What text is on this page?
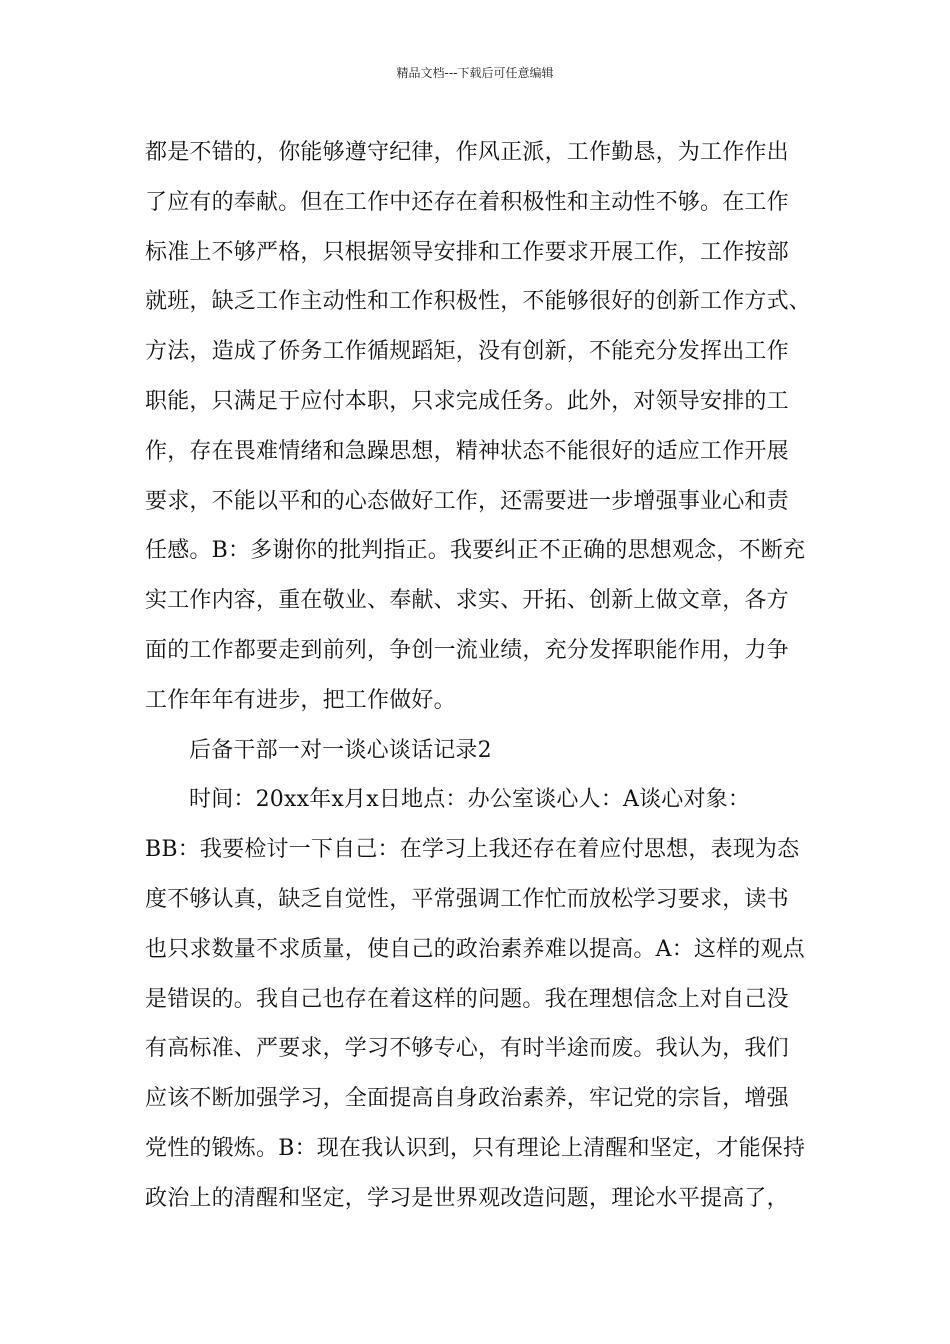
精品文档---下载后可任意编辑
都是不错的，你能够遵守纪律，作风正派，工作勤恳，为工作作出
了应有的奉献。但在工作中还存在着积极性和主动性不够。在工作
标准上不够严格，只根据领导安排和工作要求开展工作，工作按部
就班，缺乏工作主动性和工作积极性，不能够很好的创新工作方式、
方法，造成了侨务工作循规蹈矩，没有创新，不能充分发挥出工作
职能，只满足于应付本职，只求完成任务。此外，对领导安排的工
作，存在畏难情绪和急躁思想，精神状态不能很好的适应工作开展
要求，不能以平和的心态做好工作，还需要进一步增强事业心和责
任感。B：多谢你的批判指正。我要纠正不正确的思想观念，不断充
实工作内容，重在敬业、奉献、求实、开拓、创新上做文章，各方
面的工作都要走到前列，争创一流业绩，充分发挥职能作用，力争
工作年年有进步，把工作做好。
后备干部一对一谈心谈话记录2
时间：20xx年x月x日地点：办公室谈心人：A谈心对象：
BB：我要检讨一下自己：在学习上我还存在着应付思想，表现为态
度不够认真，缺乏自觉性，平常强调工作忙而放松学习要求，读书
也只求数量不求质量，使自己的政治素养难以提高。A：这样的观点
是错误的。我自己也存在着这样的问题。我在理想信念上对自己没
有高标准、严要求，学习不够专心，有时半途而废。我认为，我们
应该不断加强学习，全面提高自身政治素养，牢记党的宗旨，增强
党性的锻炼。B：现在我认识到，只有理论上清醒和坚定，才能保持
政治上的清醒和坚定，学习是世界观改造问题，理论水平提高了，
